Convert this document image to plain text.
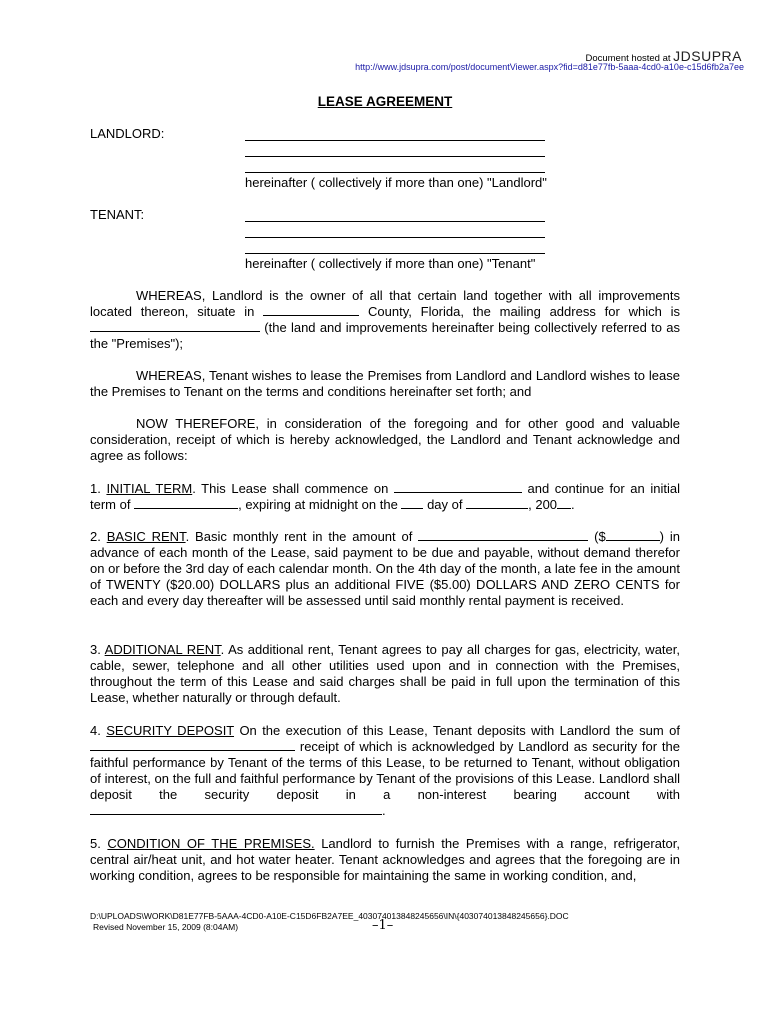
Document hosted at JDSUPRA
http://www.jdsupra.com/post/documentViewer.aspx?fid=d81e77fb-5aaa-4cd0-a10e-c15d6fb2a7ee
LEASE AGREEMENT
LANDLORD:
hereinafter ( collectively if more than one) "Landlord"
TENANT:
hereinafter ( collectively if more than one) "Tenant"
WHEREAS, Landlord is the owner of all that certain land together with all improvements located thereon, situate in	County, Florida, the mailing address for which is  (the land and improvements hereinafter being collectively referred to as the "Premises");
WHEREAS, Tenant wishes to lease the Premises from Landlord and Landlord wishes to lease the Premises to Tenant on the terms and conditions hereinafter set forth; and
NOW THEREFORE, in consideration of the foregoing and for other good and valuable consideration, receipt of which is hereby acknowledged, the Landlord and Tenant acknowledge and agree as follows:
1. INITIAL TERM. This Lease shall commence on	and continue for an initial term of	, expiring at midnight on the day of	, 200 .
2. BASIC RENT. Basic monthly rent in the amount of	($	) in advance of each month of the Lease, said payment to be due and payable, without demand therefor on or before the 3rd day of each calendar month. On the 4th day of the month, a late fee in the amount of TWENTY ($20.00) DOLLARS plus an additional FIVE ($5.00) DOLLARS AND ZERO CENTS for each and every day thereafter will be assessed until said monthly rental payment is received.
3. ADDITIONAL RENT. As additional rent, Tenant agrees to pay all charges for gas, electricity, water, cable, sewer, telephone and all other utilities used upon and in connection with the Premises, throughout the term of this Lease and said charges shall be paid in full upon the termination of this Lease, whether naturally or through default.
4. SECURITY DEPOSIT On the execution of this Lease, Tenant deposits with Landlord the sum of  receipt of which is acknowledged by Landlord as security for the faithful performance by Tenant of the terms of this Lease, to be returned to Tenant, without obligation of interest, on the full and faithful performance by Tenant of the provisions of this Lease. Landlord shall deposit the security deposit in a non-interest bearing account with .
5. CONDITION OF THE PREMISES. Landlord to furnish the Premises with a range, refrigerator, central air/heat unit, and hot water heater. Tenant acknowledges and agrees that the foregoing are in working condition, agrees to be responsible for maintaining the same in working condition, and,
D:\UPLOADS\WORK\D81E77FB-5AAA-4CD0-A10E-C15D6FB2A7EE_403074013848245656\IN\{403074013848245656}.DOC
Revised November 15, 2009 (8:04AM)	–1–
